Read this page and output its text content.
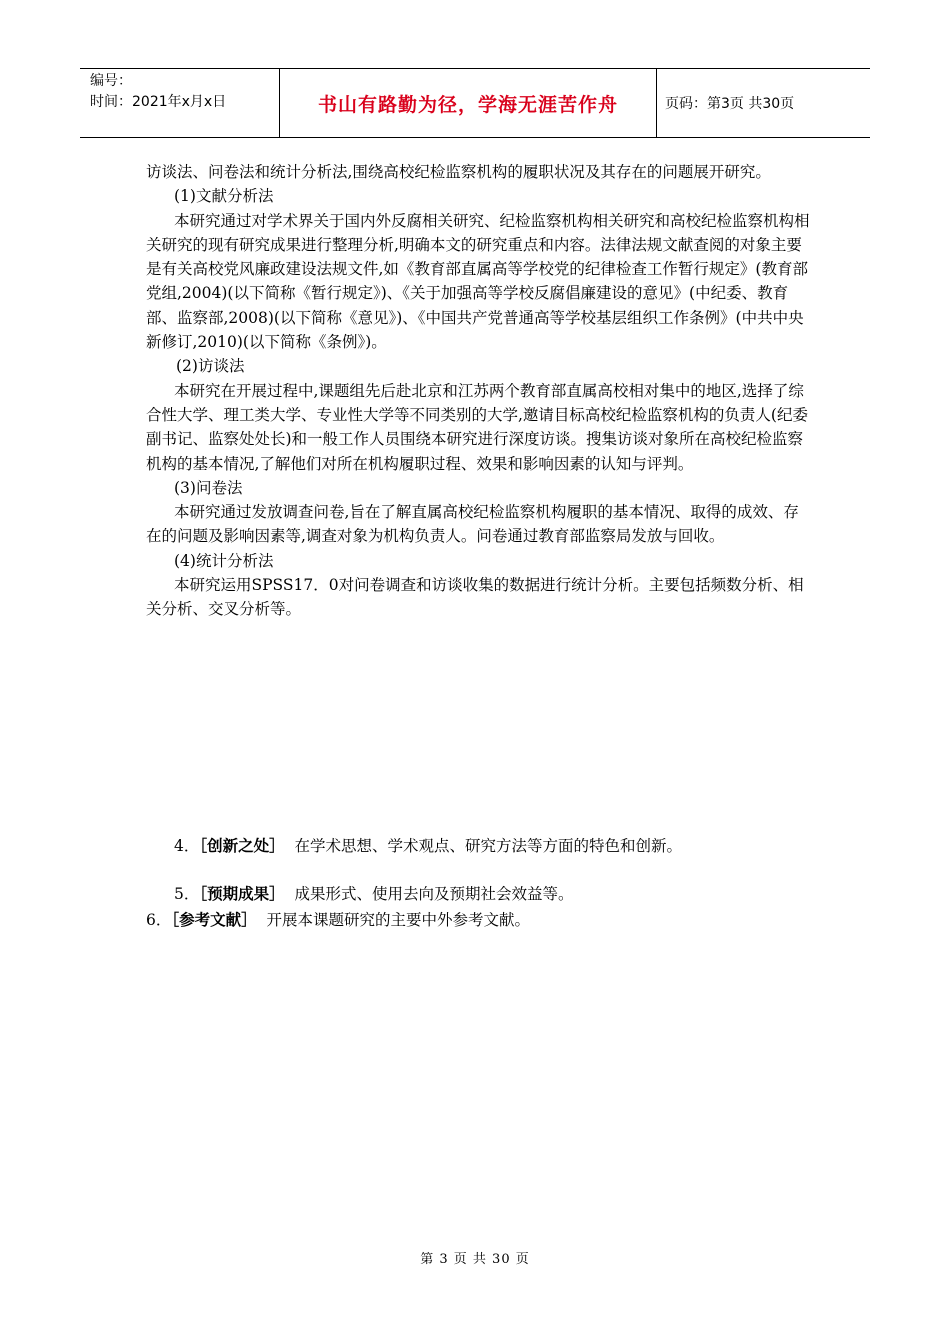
编号：
时间：2021年x月x日	书山有路勤为径，学海无涯苦作舟	页码：第3页 共30页

访谈法、问卷法和统计分析法,围绕高校纪检监察机构的履职状况及其存在的问题展开研究。

(1)文献分析法

本研究通过对学术界关于国内外反腐相关研究、纪检监察机构相关研究和高校纪检监察机构相关研究的现有研究成果进行整理分析,明确本文的研究重点和内容。法律法规文献查阅的对象主要是有关高校党风廉政建设法规文件,如《教育部直属高等学校党的纪律检查工作暂行规定》(教育部党组,2004)(以下简称《暂行规定》)、《关于加强高等学校反腐倡廉建设的意见》(中纪委、教育部、监察部,2008)(以下简称《意见》)、《中国共产党普通高等学校基层组织工作条例》(中共中央新修订,2010)(以下简称《条例》)。

(2)访谈法

本研究在开展过程中,课题组先后赴北京和江苏两个教育部直属高校相对集中的地区,选择了综合性大学、理工类大学、专业性大学等不同类别的大学,邀请目标高校纪检监察机构的负责人(纪委副书记、监察处处长)和一般工作人员围绕本研究进行深度访谈。搜集访谈对象所在高校纪检监察机构的基本情况,了解他们对所在机构履职过程、效果和影响因素的认知与评判。

(3)问卷法

本研究通过发放调查问卷,旨在了解直属高校纪检监察机构履职的基本情况、取得的成效、存在的问题及影响因素等,调查对象为机构负责人。问卷通过教育部监察局发放与回收。

(4)统计分析法

本研究运用SPSS17．0对问卷调查和访谈收集的数据进行统计分析。主要包括频数分析、相关分析、交叉分析等。

4．［创新之处］ 在学术思想、学术观点、研究方法等方面的特色和创新。
5．［预期成果］ 成果形式、使用去向及预期社会效益等。
6．［参考文献］ 开展本课题研究的主要中外参考文献。
第 3 页 共 30 页
